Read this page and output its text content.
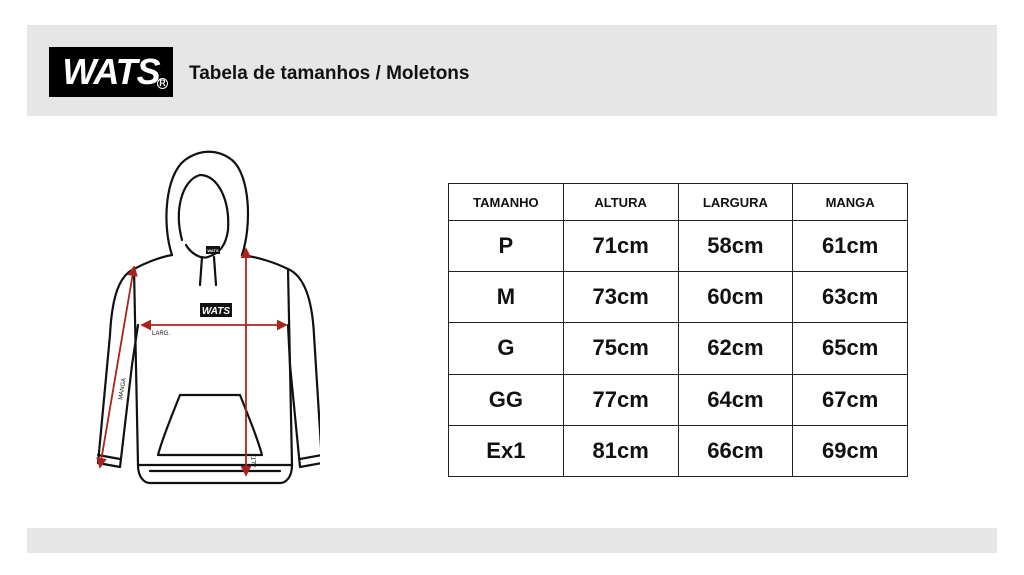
WATS R Tabela de tamanhos / Moletons
WATS
WATS
LARG.
MANGA
ALT.
TAMANHO	ALTURA	LARGURA	MANGA
P	71cm	58cm	61cm
M	73cm	60cm	63cm
G	75cm	62cm	65cm
GG	77cm	64cm	67cm
Ex1	81cm	66cm	69cm
